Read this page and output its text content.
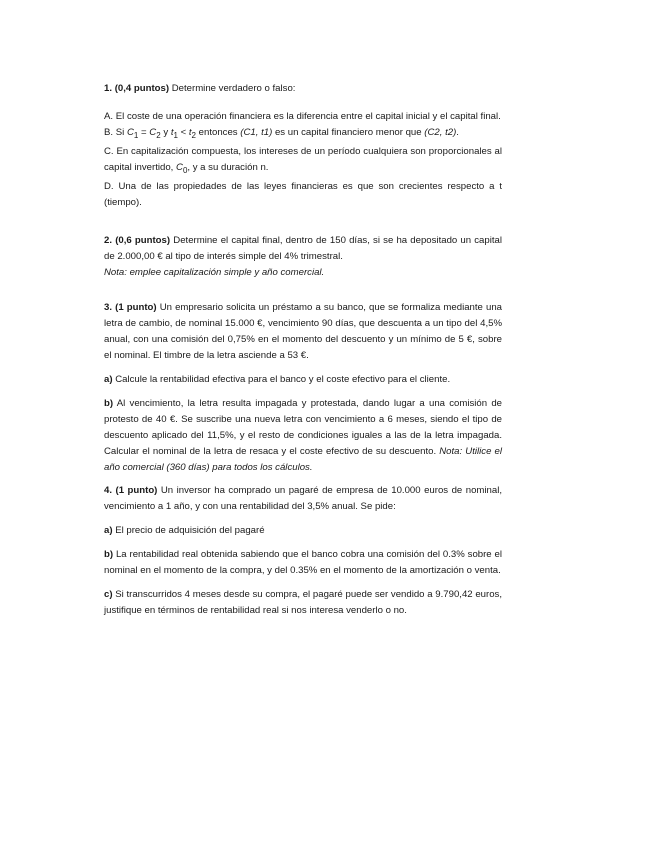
1. (0,4 puntos) Determine verdadero o falso:

A. El coste de una operación financiera es la diferencia entre el capital inicial y el capital final.

B. Si $C_1 = C_2$ y $t_1 < t_2$ entonces (C1, t1) es un capital financiero menor que (C2, t2).

C. En capitalización compuesta, los intereses de un período cualquiera son proporcionales al capital invertido, $C_0$, y a su duración n.

D. Una de las propiedades de las leyes financieras es que son crecientes respecto a t (tiempo).

2. (0,6 puntos) Determine el capital final, dentro de 150 días, si se ha depositado un capital de 2.000,00 € al tipo de interés simple del 4% trimestral.

Nota: emplee capitalización simple y año comercial.

3. (1 punto) Un empresario solicita un préstamo a su banco, que se formaliza mediante una letra de cambio, de nominal 15.000 €, vencimiento 90 días, que descuenta a un tipo del 4,5% anual, con una comisión del 0,75% en el momento del descuento y un mínimo de 5 €, sobre el nominal. El timbre de la letra asciende a 53 €.

a) Calcule la rentabilidad efectiva para el banco y el coste efectivo para el cliente.

b) Al vencimiento, la letra resulta impagada y protestada, dando lugar a una comisión de protesto de 40 €. Se suscribe una nueva letra con vencimiento a 6 meses, siendo el tipo de descuento aplicado del 11,5%, y el resto de condiciones iguales a las de la letra impagada. Calcular el nominal de la letra de resaca y el coste efectivo de su descuento. Nota: Utilice el año comercial (360 días) para todos los cálculos.

4. (1 punto) Un inversor ha comprado un pagaré de empresa de 10.000 euros de nominal, vencimiento a 1 año, y con una rentabilidad del 3,5% anual. Se pide:

a) El precio de adquisición del pagaré

b) La rentabilidad real obtenida sabiendo que el banco cobra una comisión del 0.3% sobre el nominal en el momento de la compra, y del 0.35% en el momento de la amortización o venta.

c) Si transcurridos 4 meses desde su compra, el pagaré puede ser vendido a 9.790,42 euros, justifique en términos de rentabilidad real si nos interesa venderlo o no.
